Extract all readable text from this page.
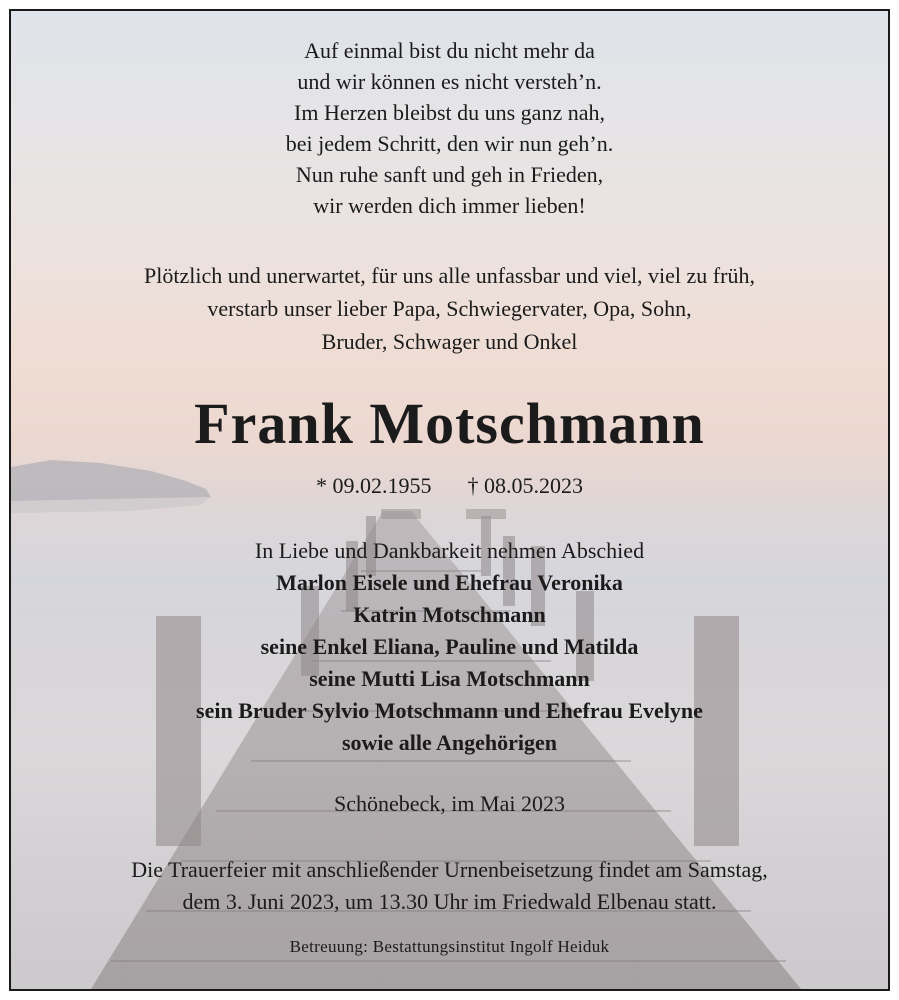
Auf einmal bist du nicht mehr da
und wir können es nicht versteh’n.
Im Herzen bleibst du uns ganz nah,
bei jedem Schritt, den wir nun geh’n.
Nun ruhe sanft und geh in Frieden,
wir werden dich immer lieben!
Plötzlich und unerwartet, für uns alle unfassbar und viel, viel zu früh,
verstarb unser lieber Papa, Schwiegervater, Opa, Sohn,
Bruder, Schwager und Onkel
Frank Motschmann
* 09.02.1955 † 08.05.2023
In Liebe und Dankbarkeit nehmen Abschied
Marlon Eisele und Ehefrau Veronika
Katrin Motschmann
seine Enkel Eliana, Pauline und Matilda
seine Mutti Lisa Motschmann
sein Bruder Sylvio Motschmann und Ehefrau Evelyne
sowie alle Angehörigen
Schönebeck, im Mai 2023
Die Trauerfeier mit anschließender Urnenbeisetzung findet am Samstag,
dem 3. Juni 2023, um 13.30 Uhr im Friedwald Elbenau statt.
Betreuung: Bestattungsinstitut Ingolf Heiduk
